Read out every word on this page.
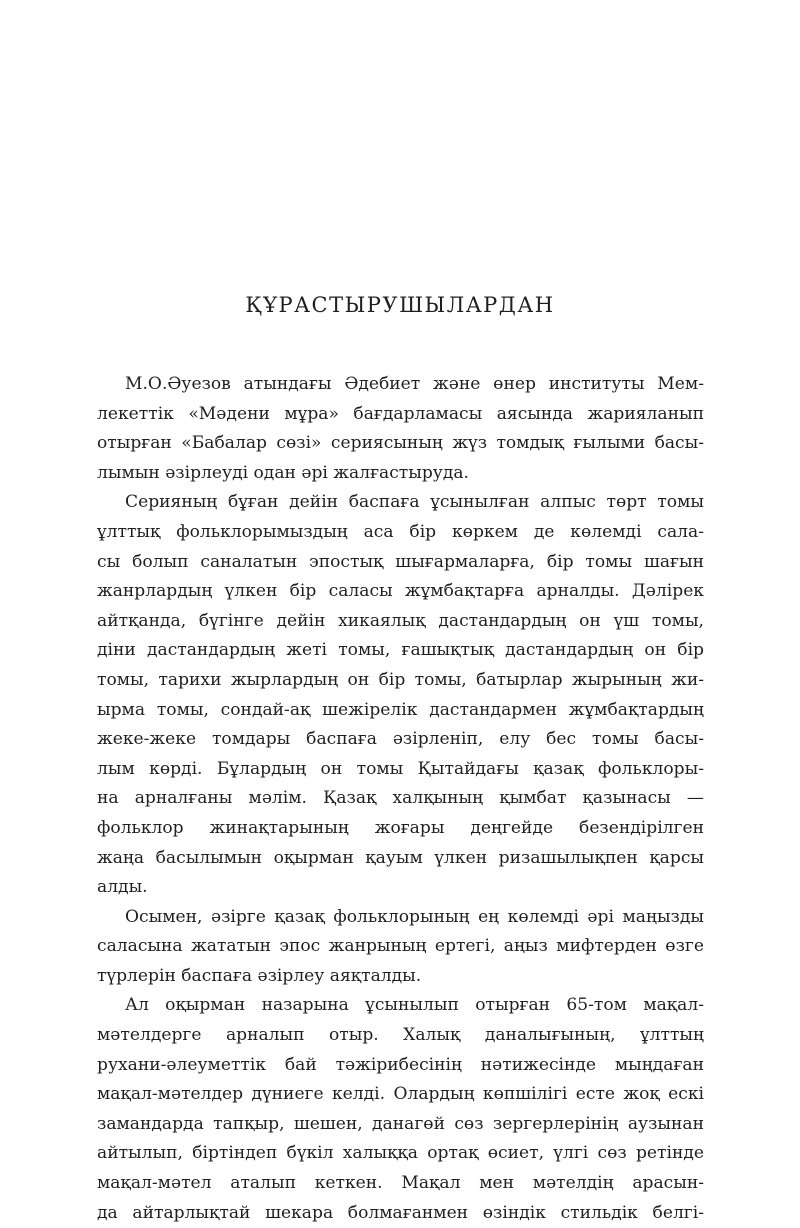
ҚҰРАСТЫРУШЫЛАРДАН

М.О.Әуезов атындағы Әдебиет және өнер институты Мем-
лекеттік «Мәдени мұра» бағдарламасы аясында жарияланып
отырған «Бабалар сөзі» сериясының жүз томдық ғылыми басы-
лымын әзірлеуді одан әрі жалғастыруда.

Серияның бұған дейін баспаға ұсынылған алпыс төрт томы
ұлттық фольклорымыздың аса бір көркем де көлемді сала-
сы болып саналатын эпостық шығармаларға, бір томы шағын
жанрлардың үлкен бір саласы жұмбақтарға арналды. Дәлірек
айтқанда, бүгінге дейін хикаялық дастандардың он үш томы,
діни дастандардың жеті томы, ғашықтық дастандардың он бір
томы, тарихи жырлардың он бір томы, батырлар жырының жи-
ырма томы, сондай-ақ шежірелік дастандармен жұмбақтардың
жеке-жеке томдары баспаға әзірленіп, елу бес томы басы-
лым көрді. Бұлардың он томы Қытайдағы қазақ фольклоры-
на арналғаны мәлім. Қазақ халқының қымбат қазынасы —
фольклор жинақтарының жоғары деңгейде безендірілген
жаңа басылымын оқырман қауым үлкен ризашылықпен қарсы
алды.

Осымен, әзірге қазақ фольклорының ең көлемді әрі маңызды
саласына жататын эпос жанрының ертегі, аңыз мифтерден өзге
түрлерін баспаға әзірлеу аяқталды.

Ал оқырман назарына ұсынылып отырған 65-том мақал-
мәтелдерге арналып отыр. Халық даналығының, ұлттың
рухани-әлеуметтік бай тәжірибесінің нәтижесінде мыңдаған
мақал-мәтелдер дүниеге келді. Олардың көпшілігі есте жоқ ескі
замандарда тапқыр, шешен, данагөй сөз зергерлерінің аузынан
айтылып, біртіндеп бүкіл халыққа ортақ өсиет, үлгі сөз ретінде
мақал-мәтел аталып кеткен. Мақал мен мәтелдің арасын-
да айтарлықтай шекара болмағанмен өзіндік стильдік белгі-
